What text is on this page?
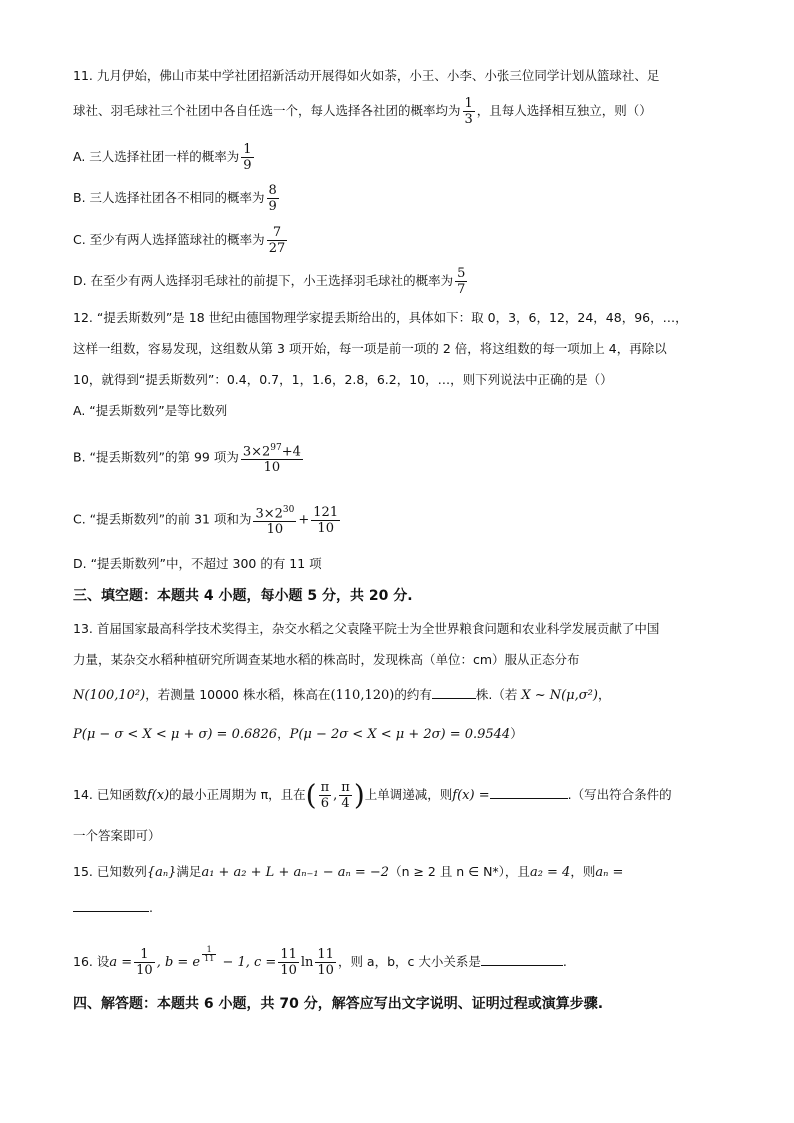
11. 九月伊始，佛山市某中学社团招新活动开展得如火如荼，小王、小李、小张三位同学计划从篮球社、足
球社、羽毛球社三个社团中各自任选一个，每人选择各社团的概率均为 $\frac{1}{3}$ ，且每人选择相互独立，则（）
A. 三人选择社团一样的概率为 $\frac{1}{9}$
B. 三人选择社团各不相同的概率为 $\frac{8}{9}$
C. 至少有两人选择篮球社的概率为 $\frac{7}{27}$
D. 在至少有两人选择羽毛球社的前提下，小王选择羽毛球社的概率为 $\frac{5}{7}$
12. “提丢斯数列”是 18 世纪由德国物理学家提丢斯给出的，具体如下：取 0，3，6，12，24，48，96，…，
这样一组数，容易发现，这组数从第 3 项开始，每一项是前一项的 2 倍，将这组数的每一项加上 4，再除以
10，就得到“提丢斯数列”：0.4，0.7，1，1.6，2.8，6.2，10，…，则下列说法中正确的是（）
A. “提丢斯数列”是等比数列
B. “提丢斯数列”的第 99 项为 $\frac{3\times 2^{97}+4}{10}$
C. “提丢斯数列”的前 31 项和为 $\frac{3\times 2^{30}}{10} + \frac{121}{10}$
D. “提丢斯数列”中，不超过 300 的有 11 项
三、填空题：本题共 4 小题，每小题 5 分，共 20 分.
13. 首届国家最高科学技术奖得主，杂交水稻之父袁隆平院士为全世界粮食问题和农业科学发展贡献了中国
力量，某杂交水稻种植研究所调查某地水稻的株高时，发现株高（单位：cm）服从正态分布
N(100,10²)，若测量 10000 株水稻，株高在(110,120)的约有	株.（若 X ~ N(μ,σ²)，
P(μ − σ < X < μ + σ) = 0.6826，P(μ − 2σ < X < μ + 2σ) = 0.9544）
14. 已知函数f(x)的最小正周期为 π，且在( $\frac{\pi}{6}$ , $\frac{\pi}{4}$ )上单调递减，则f(x) =	.（写出符合条件的
一个答案即可）
15. 已知数列{aₙ}满足a₁ + a₂ + L + aₙ₋₁ − aₙ = −2（n ≥ 2 且 n ∈ N*），且a₂ = 4，则aₙ =
.
16. 设$a = \frac{1}{10}$ , b = e $\frac{1}{11} - 1$, $c = \frac{11}{10}$ $\ln \frac{11}{10}$ ，则 a，b，c 大小关系是	.
四、解答题：本题共 6 小题，共 70 分，解答应写出文字说明、证明过程或演算步骤.
